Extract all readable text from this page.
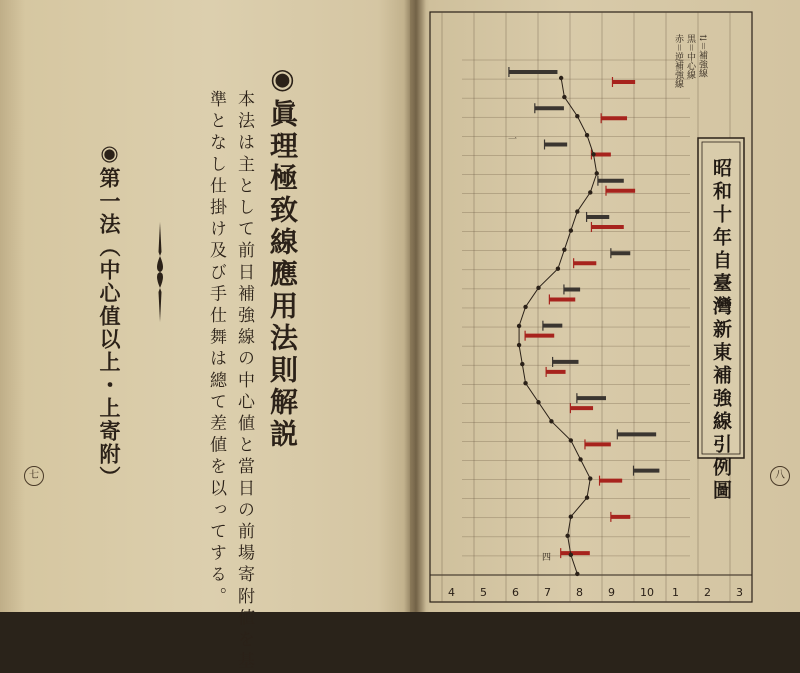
◉眞理極致線應用法則解説
本法は主として前日補強線の中心値と當日の前場寄附値を基
準となし仕掛け及び手仕舞は總て差値を以ってする。
◉第一法（中心值以上・上寄附）
七	八
赤＝逆補強線 黒＝中心線 ⇅＝補強線
昭和十年自臺灣新東補強線引例圖
4 5 6 7 8 9 10 1 2 3
四
一
